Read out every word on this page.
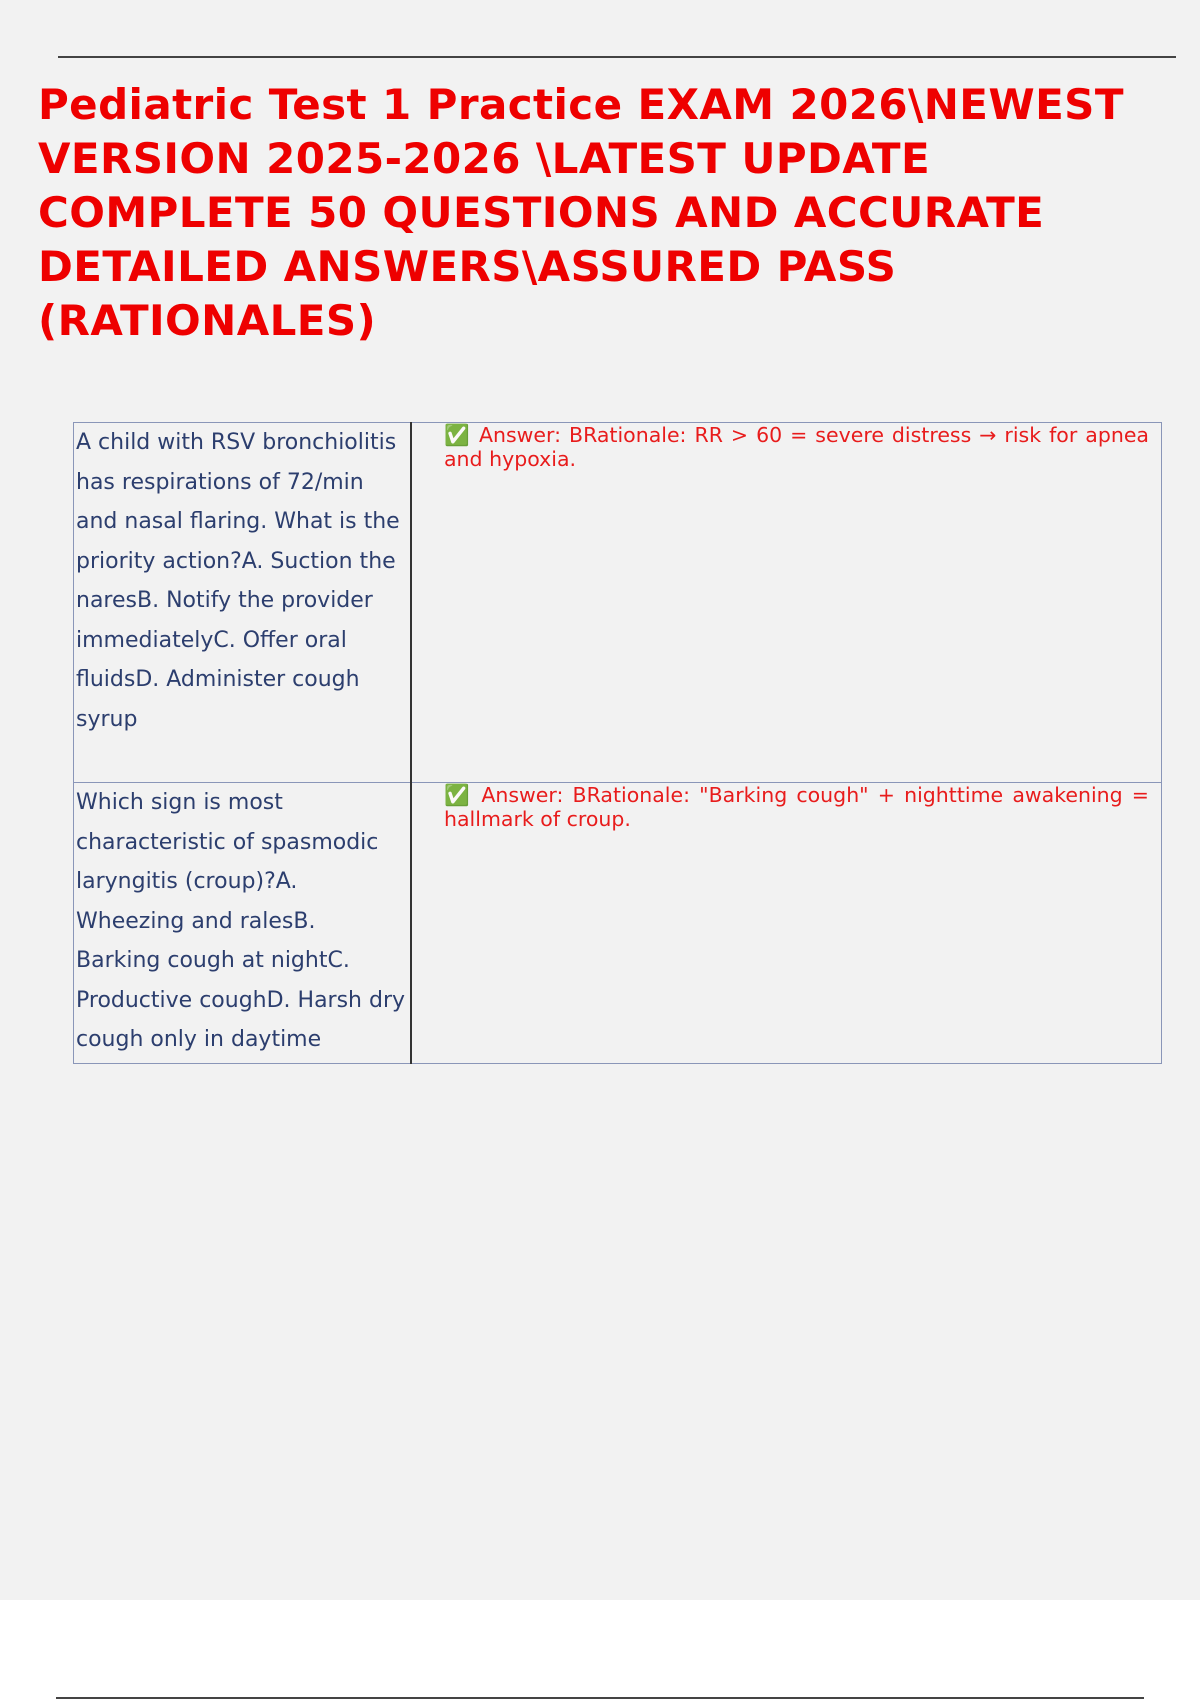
Pediatric Test 1 Practice EXAM 2026\NEWEST VERSION 2025-2026 \LATEST UPDATE COMPLETE 50 QUESTIONS AND ACCURATE DETAILED ANSWERS\ASSURED PASS (RATIONALES)
A child with RSV bronchiolitis has respirations of 72/min and nasal flaring. What is the priority action?A. Suction the naresB. Notify the provider immediatelyC. Offer oral fluidsD. Administer cough syrup	✅ Answer: BRationale: RR > 60 = severe distress → risk for apnea and hypoxia.

Which sign is most characteristic of spasmodic laryngitis (croup)?A. Wheezing and ralesB. Barking cough at nightC. Productive coughD. Harsh dry cough only in daytime	✅ Answer: BRationale: "Barking cough" + nighttime awakening = hallmark of croup.
